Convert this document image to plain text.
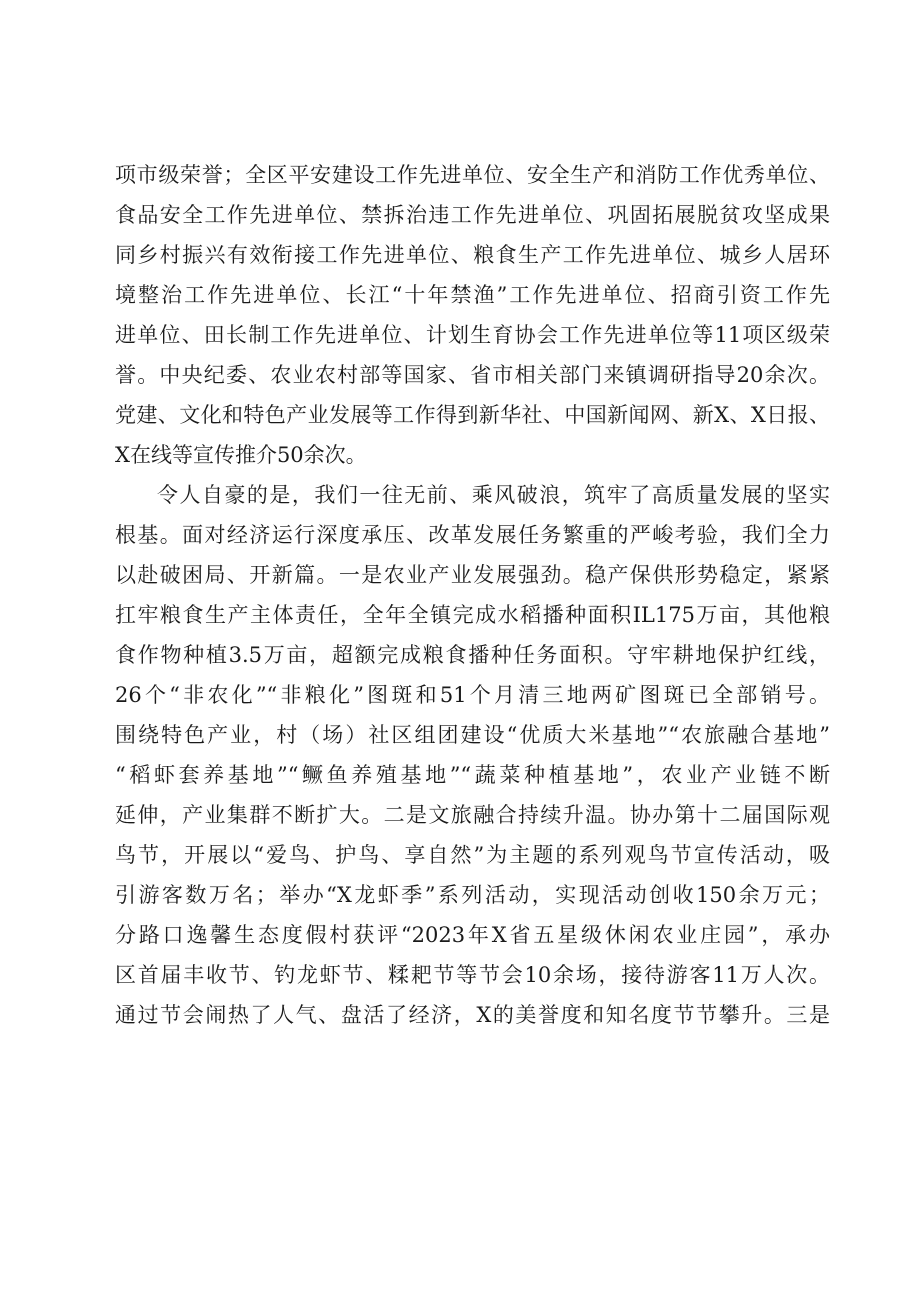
项市级荣誉；全区平安建设工作先进单位、安全生产和消防工作优秀单位、
食品安全工作先进单位、禁拆治违工作先进单位、巩固拓展脱贫攻坚成果
同乡村振兴有效衔接工作先进单位、粮食生产工作先进单位、城乡人居环
境整治工作先进单位、长江“十年禁渔”工作先进单位、招商引资工作先
进单位、田长制工作先进单位、计划生育协会工作先进单位等11项区级荣
誉。中央纪委、农业农村部等国家、省市相关部门来镇调研指导20余次。
党建、文化和特色产业发展等工作得到新华社、中国新闻网、新X、X日报、
X在线等宣传推介50余次。
令人自豪的是，我们一往无前、乘风破浪，筑牢了高质量发展的坚实
根基。面对经济运行深度承压、改革发展任务繁重的严峻考验，我们全力
以赴破困局、开新篇。一是农业产业发展强劲。稳产保供形势稳定，紧紧
扛牢粮食生产主体责任，全年全镇完成水稻播种面积IL175万亩，其他粮
食作物种植3.5万亩，超额完成粮食播种任务面积。守牢耕地保护红线，
26个“非农化”“非粮化”图斑和51个月清三地两矿图斑已全部销号。
围绕特色产业，村（场）社区组团建设“优质大米基地”“农旅融合基地”
“稻虾套养基地”“鳜鱼养殖基地”“蔬菜种植基地”，农业产业链不断
延伸，产业集群不断扩大。二是文旅融合持续升温。协办第十二届国际观
鸟节，开展以“爱鸟、护鸟、享自然”为主题的系列观鸟节宣传活动，吸
引游客数万名；举办“X龙虾季”系列活动，实现活动创收150余万元；
分路口逸馨生态度假村获评“2023年X省五星级休闲农业庄园”，承办
区首届丰收节、钓龙虾节、糅耙节等节会10余场，接待游客11万人次。
通过节会闹热了人气、盘活了经济，X的美誉度和知名度节节攀升。三是
